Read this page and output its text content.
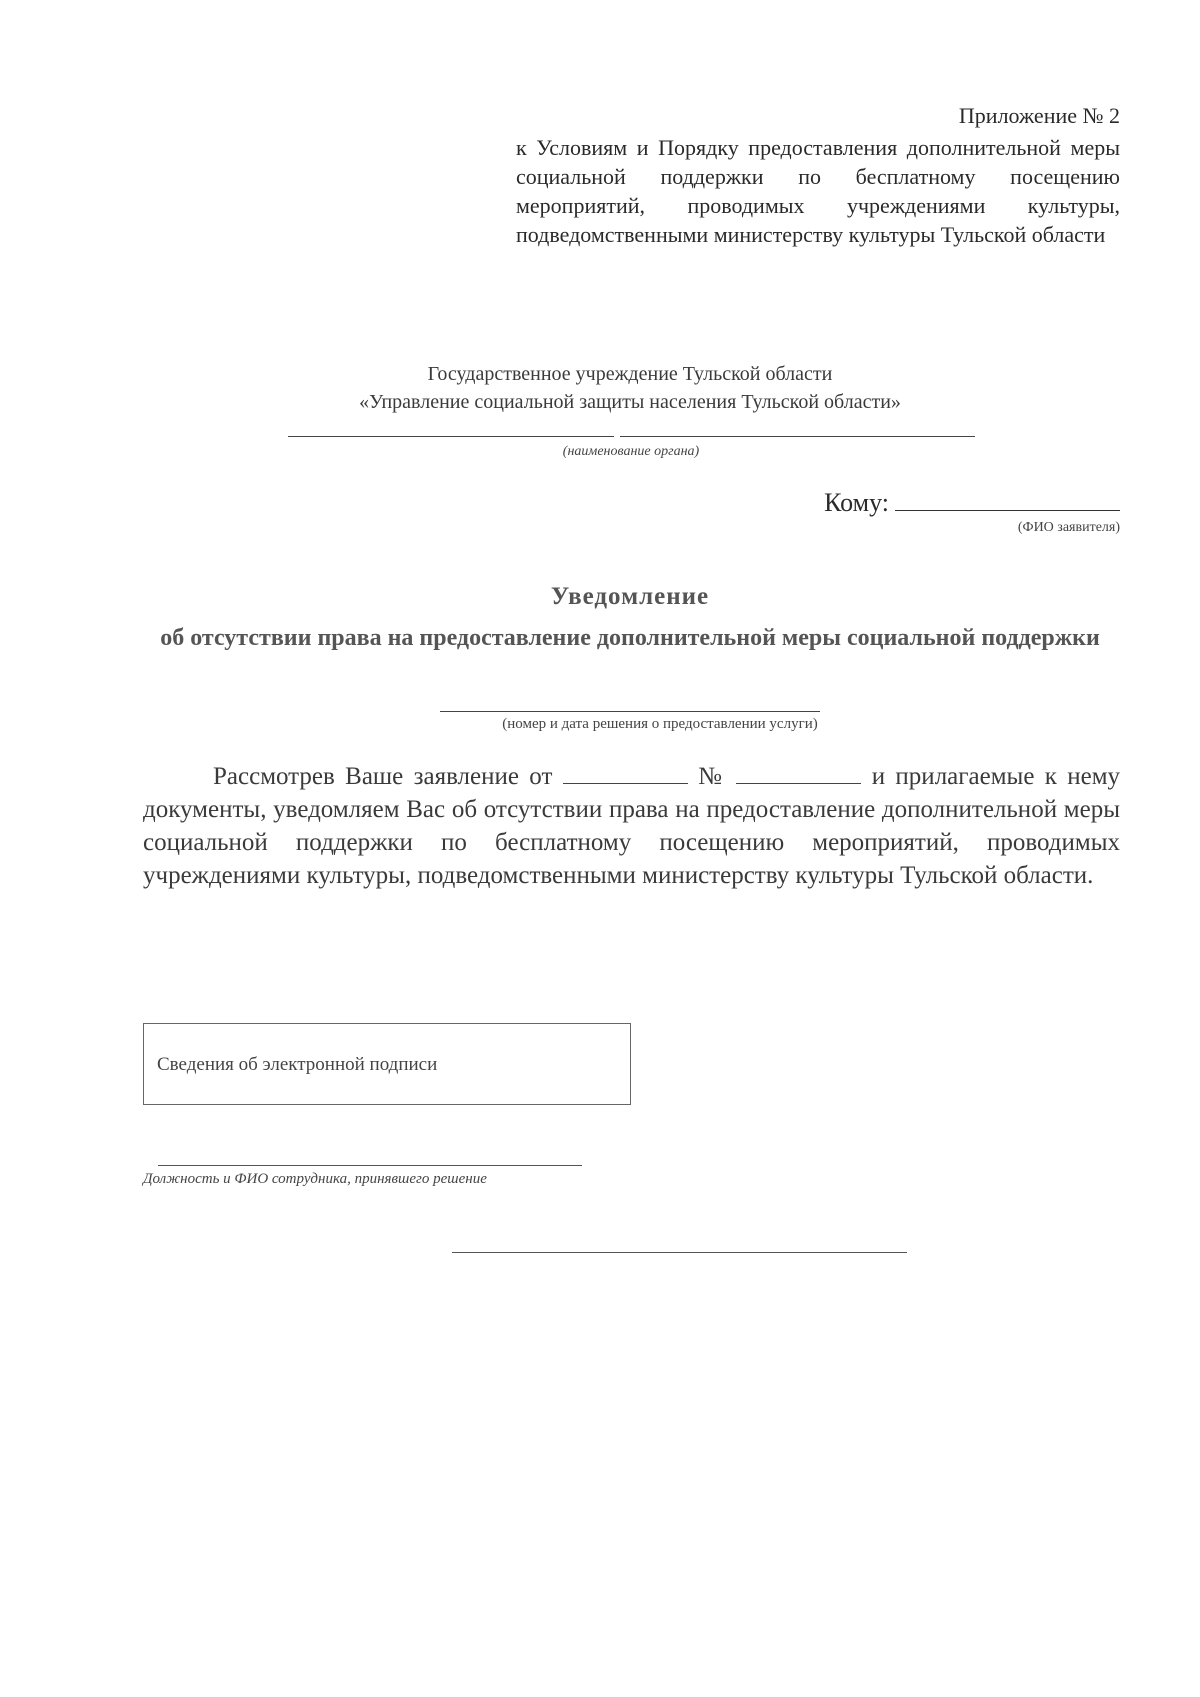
Приложение № 2
к Условиям и Порядку предоставления дополнительной меры социальной поддержки по бесплатному посещению мероприятий, проводимых учреждениями культуры, подведомственными министерству культуры Тульской области
Государственное учреждение Тульской области
«Управление социальной защиты населения Тульской области»
(наименование органа)
Кому:
(ФИО заявителя)
Уведомление
об отсутствии права на предоставление дополнительной меры социальной поддержки
(номер и дата решения о предоставлении услуги)

Рассмотрев Ваше заявление от	№	и прилагаемые к нему документы, уведомляем Вас об отсутствии права на предоставление дополнительной меры социальной поддержки по бесплатному посещению мероприятий, проводимых учреждениями культуры, подведомственными министерству культуры Тульской области.

Сведения об электронной подписи
Должность и ФИО сотрудника, принявшего решение
